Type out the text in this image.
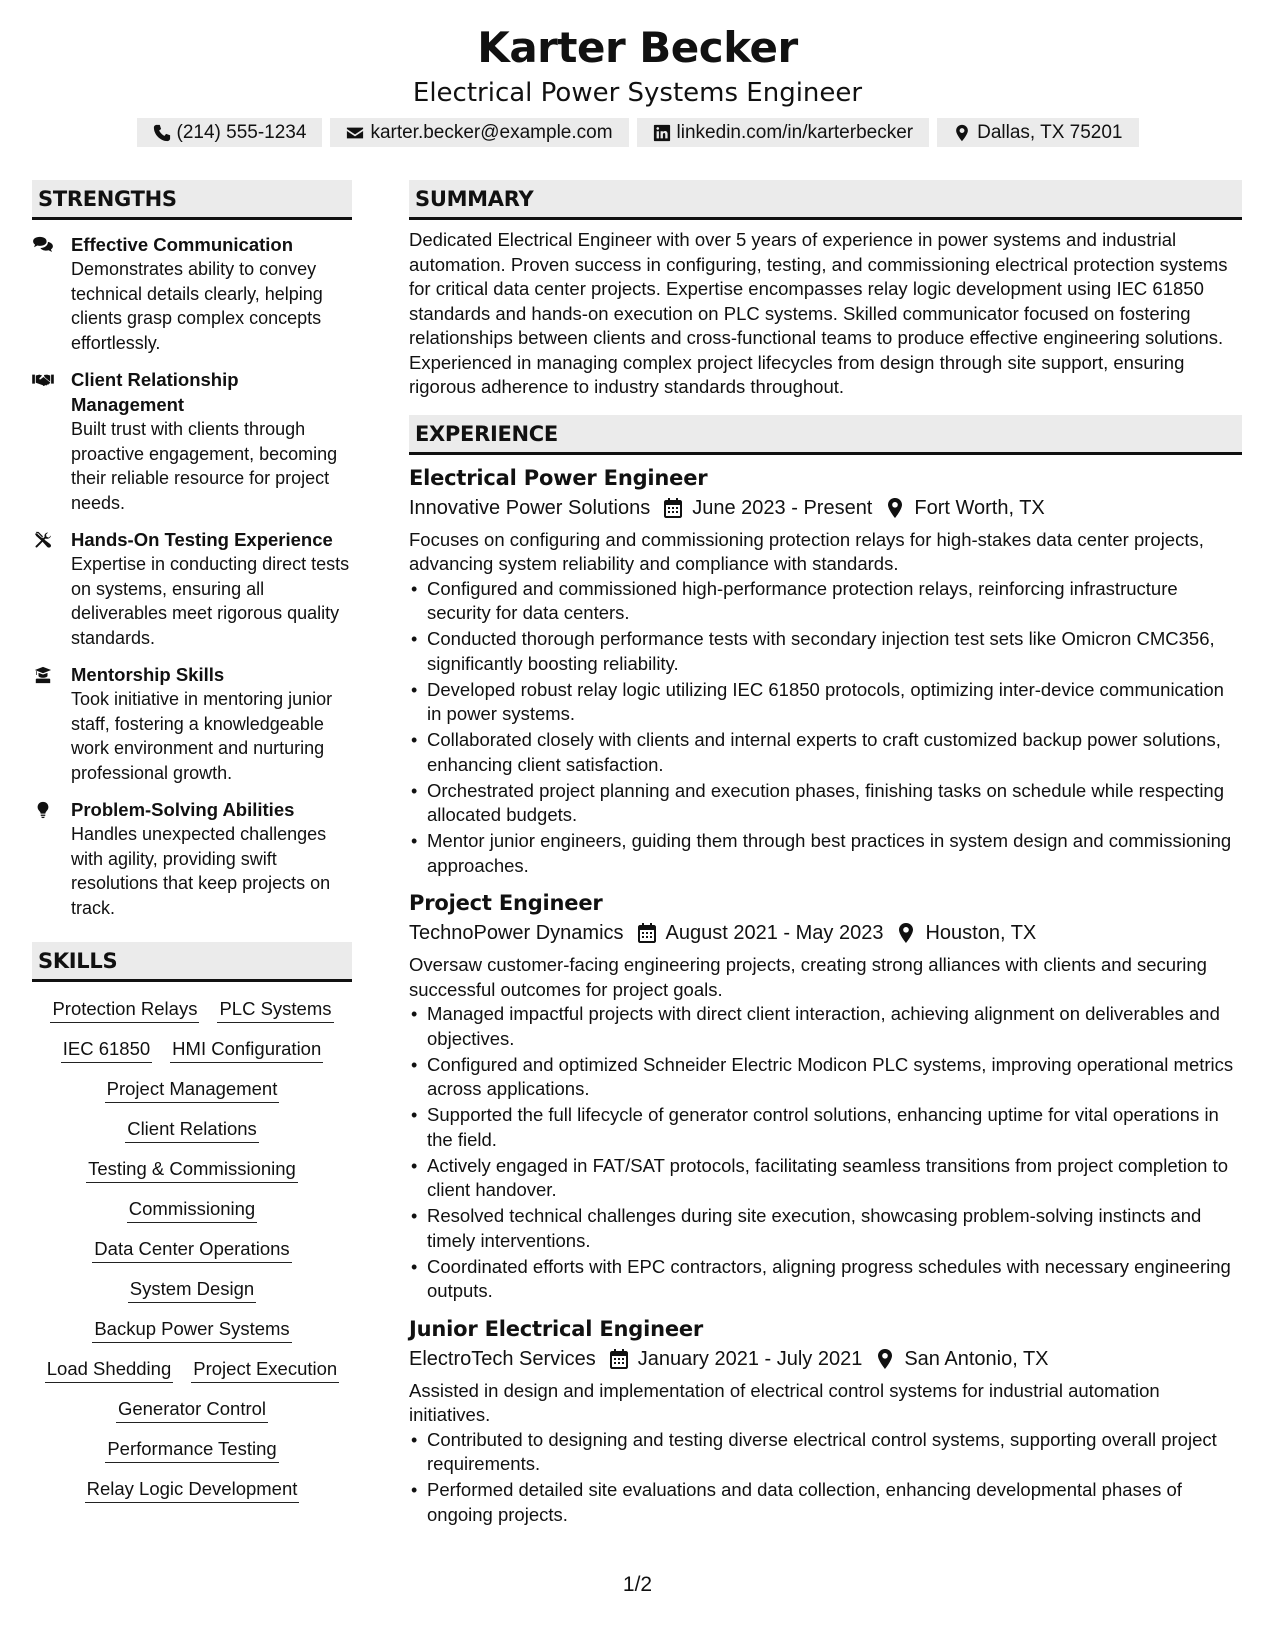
Karter Becker
Electrical Power Systems Engineer
(214) 555-1234	karter.becker@example.com	linkedin.com/in/karterbecker	Dallas, TX 75201
STRENGTHS
Effective Communication
Demonstrates ability to convey technical details clearly, helping clients grasp complex concepts effortlessly.
Client Relationship Management
Built trust with clients through proactive engagement, becoming their reliable resource for project needs.
Hands-On Testing Experience
Expertise in conducting direct tests on systems, ensuring all deliverables meet rigorous quality standards.
Mentorship Skills
Took initiative in mentoring junior staff, fostering a knowledgeable work environment and nurturing professional growth.
Problem-Solving Abilities
Handles unexpected challenges with agility, providing swift resolutions that keep projects on track.
SKILLS
Protection Relays PLC Systems
IEC 61850 HMI Configuration
Project Management
Client Relations
Testing & Commissioning
Commissioning
Data Center Operations
System Design
Backup Power Systems
Load Shedding Project Execution
Generator Control
Performance Testing
Relay Logic Development
SUMMARY
Dedicated Electrical Engineer with over 5 years of experience in power systems and industrial automation. Proven success in configuring, testing, and commissioning electrical protection systems for critical data center projects. Expertise encompasses relay logic development using IEC 61850 standards and hands-on execution on PLC systems. Skilled communicator focused on fostering relationships between clients and cross-functional teams to produce effective engineering solutions. Experienced in managing complex project lifecycles from design through site support, ensuring rigorous adherence to industry standards throughout.
EXPERIENCE
Electrical Power Engineer
Innovative Power Solutions June 2023 - Present Fort Worth, TX
Focuses on configuring and commissioning protection relays for high-stakes data center projects, advancing system reliability and compliance with standards.
• Configured and commissioned high-performance protection relays, reinforcing infrastructure security for data centers.
• Conducted thorough performance tests with secondary injection test sets like Omicron CMC356, significantly boosting reliability.
• Developed robust relay logic utilizing IEC 61850 protocols, optimizing inter-device communication in power systems.
• Collaborated closely with clients and internal experts to craft customized backup power solutions, enhancing client satisfaction.
• Orchestrated project planning and execution phases, finishing tasks on schedule while respecting allocated budgets.
• Mentor junior engineers, guiding them through best practices in system design and commissioning approaches.
Project Engineer
TechnoPower Dynamics August 2021 - May 2023 Houston, TX
Oversaw customer-facing engineering projects, creating strong alliances with clients and securing successful outcomes for project goals.
• Managed impactful projects with direct client interaction, achieving alignment on deliverables and objectives.
• Configured and optimized Schneider Electric Modicon PLC systems, improving operational metrics across applications.
• Supported the full lifecycle of generator control solutions, enhancing uptime for vital operations in the field.
• Actively engaged in FAT/SAT protocols, facilitating seamless transitions from project completion to client handover.
• Resolved technical challenges during site execution, showcasing problem-solving instincts and timely interventions.
• Coordinated efforts with EPC contractors, aligning progress schedules with necessary engineering outputs.
Junior Electrical Engineer
ElectroTech Services January 2021 - July 2021 San Antonio, TX
Assisted in design and implementation of electrical control systems for industrial automation initiatives.
• Contributed to designing and testing diverse electrical control systems, supporting overall project requirements.
• Performed detailed site evaluations and data collection, enhancing developmental phases of ongoing projects.
1/2
